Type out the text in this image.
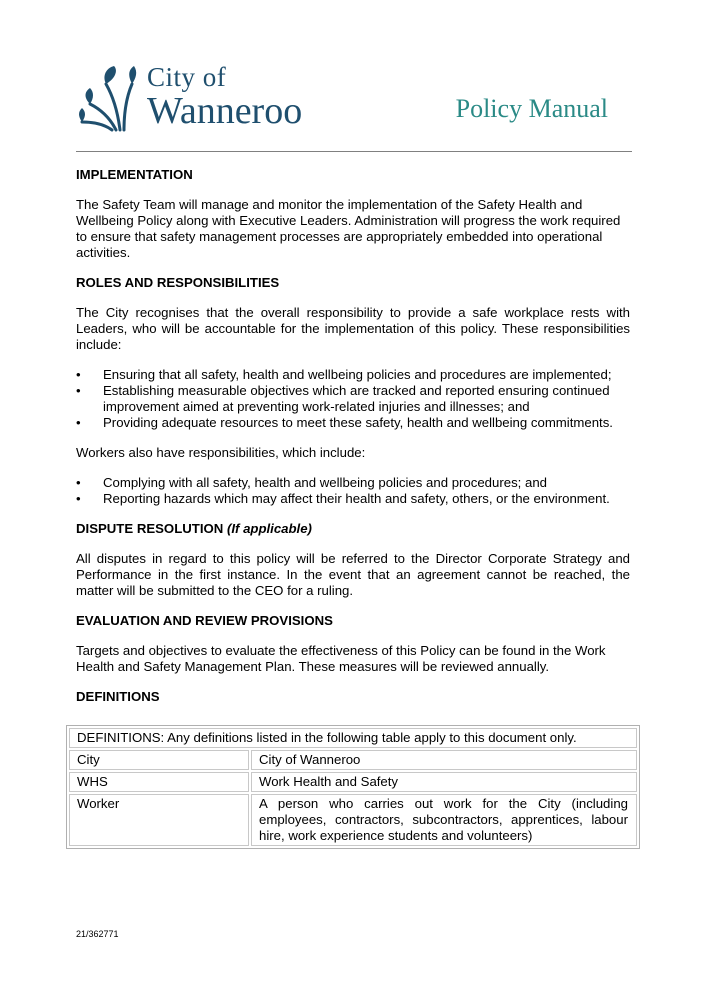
City of
Wanneroo	Policy Manual
IMPLEMENTATION

The Safety Team will manage and monitor the implementation of the Safety Health and Wellbeing Policy along with Executive Leaders. Administration will progress the work required to ensure that safety management processes are appropriately embedded into operational activities.

ROLES AND RESPONSIBILITIES

The City recognises that the overall responsibility to provide a safe workplace rests with Leaders, who will be accountable for the implementation of this policy. These responsibilities include:

• Ensuring that all safety, health and wellbeing policies and procedures are implemented;
• Establishing measurable objectives which are tracked and reported ensuring continued improvement aimed at preventing work-related injuries and illnesses; and
• Providing adequate resources to meet these safety, health and wellbeing commitments.

Workers also have responsibilities, which include:

• Complying with all safety, health and wellbeing policies and procedures; and
• Reporting hazards which may affect their health and safety, others, or the environment.
DISPUTE RESOLUTION (If applicable)

All disputes in regard to this policy will be referred to the Director Corporate Strategy and Performance in the first instance. In the event that an agreement cannot be reached, the matter will be submitted to the CEO for a ruling.

EVALUATION AND REVIEW PROVISIONS

Targets and objectives to evaluate the effectiveness of this Policy can be found in the Work Health and Safety Management Plan. These measures will be reviewed annually.

DEFINITIONS
DEFINITIONS: Any definitions listed in the following table apply to this document only.	
City	City of Wanneroo
WHS	Work Health and Safety
Worker	A person who carries out work for the City (including employees, contractors, subcontractors, apprentices, labour hire, work experience students and volunteers)
21/362771
